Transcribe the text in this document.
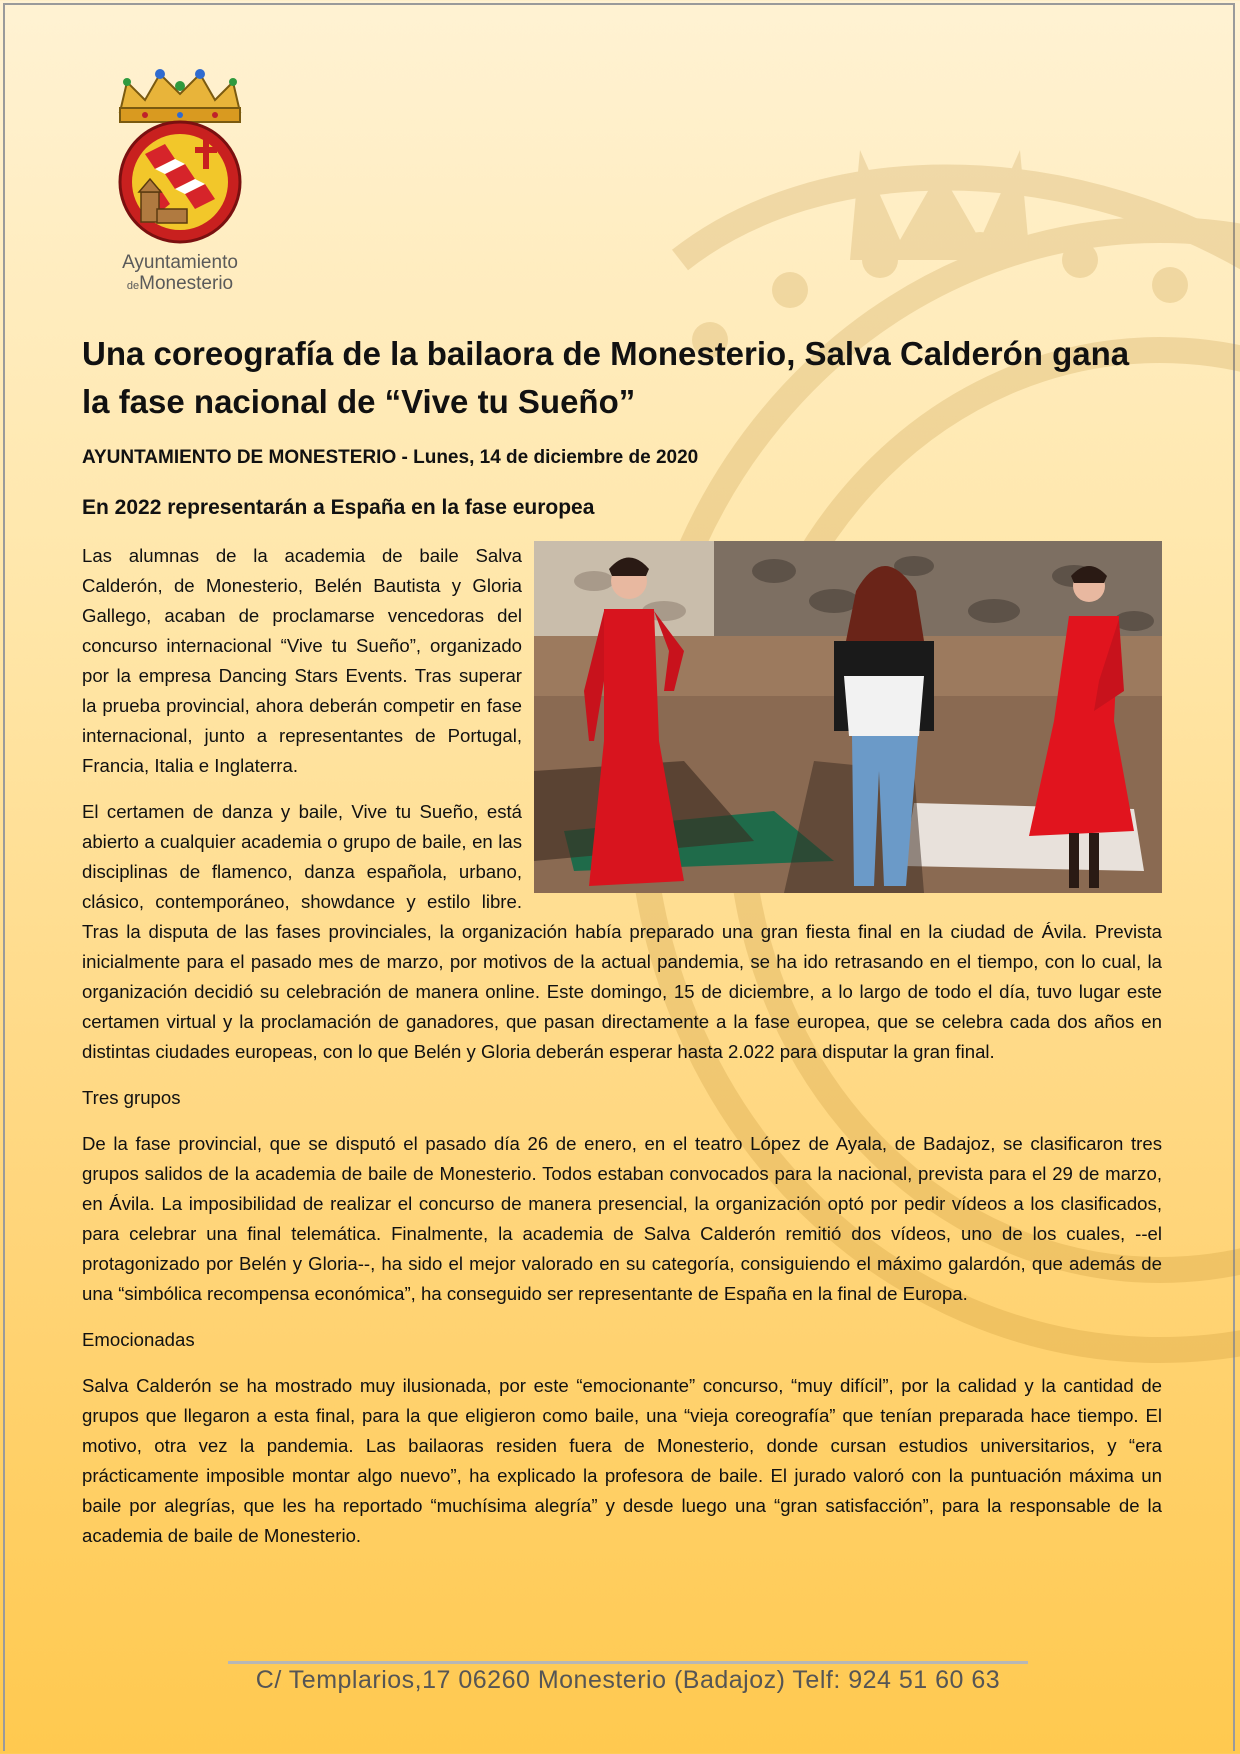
Ayuntamiento
deMonesterio
Una coreografía de la bailaora de Monesterio, Salva Calderón gana la fase nacional de “Vive tu Sueño”
AYUNTAMIENTO DE MONESTERIO - Lunes, 14 de diciembre de 2020
En 2022 representarán a España en la fase europea

Las alumnas de la academia de baile Salva Calderón, de Monesterio, Belén Bautista y Gloria Gallego, acaban de proclamarse vencedoras del concurso internacional “Vive tu Sueño”, organizado por la empresa Dancing Stars Events. Tras superar la prueba provincial, ahora deberán competir en fase internacional, junto a representantes de Portugal, Francia, Italia e Inglaterra.

El certamen de danza y baile, Vive tu Sueño, está abierto a cualquier academia o grupo de baile, en las disciplinas de flamenco, danza española, urbano, clásico, contemporáneo, showdance y estilo libre. Tras la disputa de las fases provinciales, la organización había preparado una gran fiesta final en la ciudad de Ávila. Prevista inicialmente para el pasado mes de marzo, por motivos de la actual pandemia, se ha ido retrasando en el tiempo, con lo cual, la organización decidió su celebración de manera online. Este domingo, 15 de diciembre, a lo largo de todo el día, tuvo lugar este certamen virtual y la proclamación de ganadores, que pasan directamente a la fase europea, que se celebra cada dos años en distintas ciudades europeas, con lo que Belén y Gloria deberán esperar hasta 2.022 para disputar la gran final.

Tres grupos

De la fase provincial, que se disputó el pasado día 26 de enero, en el teatro López de Ayala, de Badajoz, se clasificaron tres grupos salidos de la academia de baile de Monesterio. Todos estaban convocados para la nacional, prevista para el 29 de marzo, en Ávila. La imposibilidad de realizar el concurso de manera presencial, la organización optó por pedir vídeos a los clasificados, para celebrar una final telemática. Finalmente, la academia de Salva Calderón remitió dos vídeos, uno de los cuales, --el protagonizado por Belén y Gloria--, ha sido el mejor valorado en su categoría, consiguiendo el máximo galardón, que además de una “simbólica recompensa económica”, ha conseguido ser representante de España en la final de Europa.

Emocionadas

Salva Calderón se ha mostrado muy ilusionada, por este “emocionante” concurso, “muy difícil”, por la calidad y la cantidad de grupos que llegaron a esta final, para la que eligieron como baile, una “vieja coreografía” que tenían preparada hace tiempo. El motivo, otra vez la pandemia. Las bailaoras residen fuera de Monesterio, donde cursan estudios universitarios, y “era prácticamente imposible montar algo nuevo”, ha explicado la profesora de baile. El jurado valoró con la puntuación máxima un baile por alegrías, que les ha reportado “muchísima alegría” y desde luego una “gran satisfacción”, para la responsable de la academia de baile de Monesterio.

C/ Templarios,17 06260 Monesterio (Badajoz) Telf: 924 51 60 63
